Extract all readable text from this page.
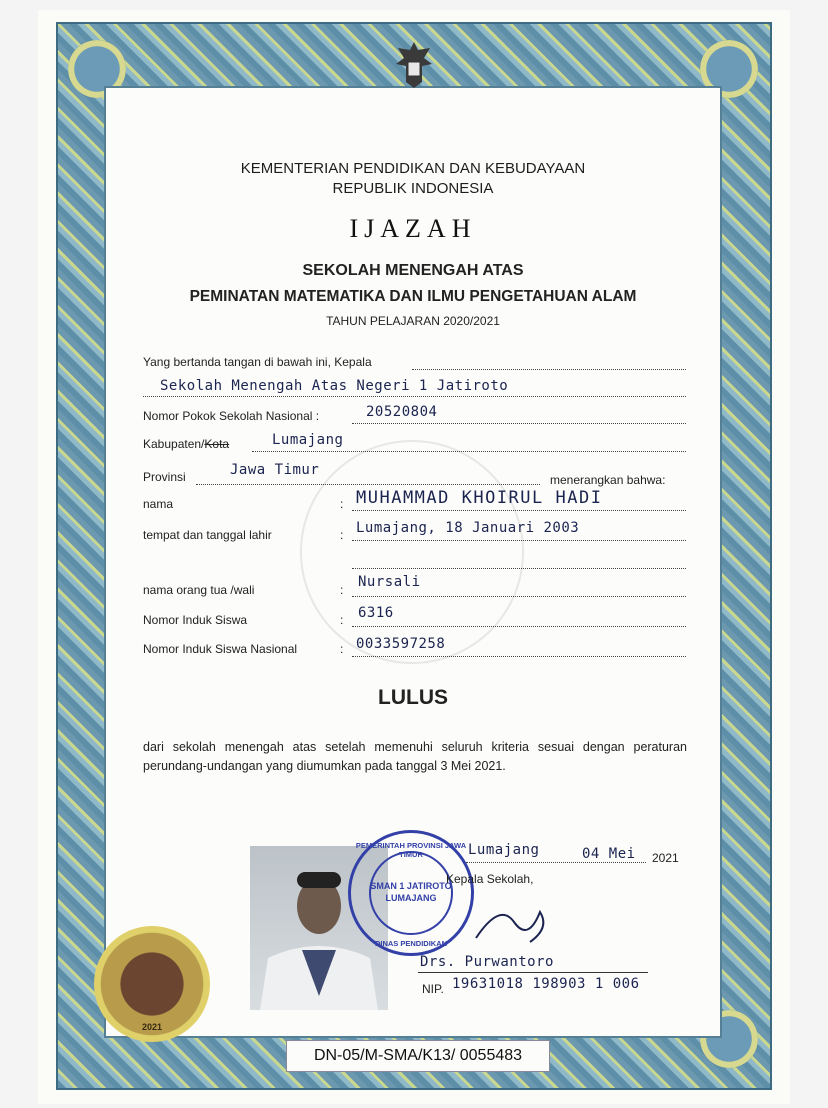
KEMENTERIAN PENDIDIKAN DAN KEBUDAYAAN
REPUBLIK INDONESIA
IJAZAH
SEKOLAH MENENGAH ATAS
PEMINATAN MATEMATIKA DAN ILMU PENGETAHUAN ALAM
TAHUN PELAJARAN 2020/2021
Yang bertanda tangan di bawah ini, Kepala
Sekolah Menengah Atas Negeri 1 Jatiroto
Nomor Pokok Sekolah Nasional :	20520804
Kabupaten/Kota	Lumajang
Provinsi	Jawa Timur
menerangkan bahwa:
nama	: MUHAMMAD KHOIRUL HADI
tempat dan tanggal lahir	: Lumajang, 18 Januari 2003
nama orang tua /wali	: Nursali
Nomor Induk Siswa	: 6316
Nomor Induk Siswa Nasional	: 0033597258
LULUS
dari sekolah menengah atas setelah memenuhi seluruh kriteria sesuai dengan peraturan perundang-undangan yang diumumkan pada tanggal 3 Mei 2021.
PEMERINTAH PROVINSI JAWA TIMUR
SMAN 1 JATIROTO
LUMAJANG
DINAS PENDIDIKAN
Lumajang	04 Mei 2021
Kepala Sekolah,
Drs. Purwantoro
NIP. 19631018 198903 1 006
2021
DN-05/M-SMA/K13/ 0055483
